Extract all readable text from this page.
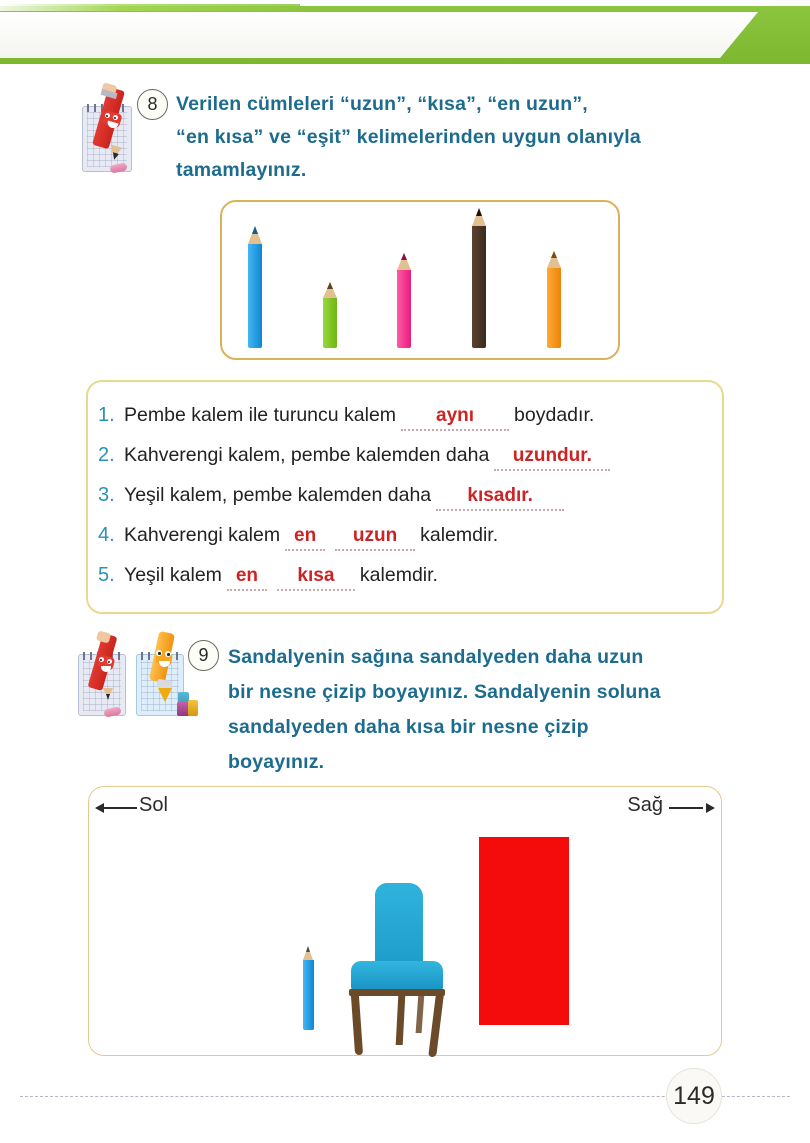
8 Verilen cümleleri “uzun”, “kısa”, “en uzun”,
“en kısa” ve “eşit” kelimelerinden uygun olanıyla
tamamlayınız.
1. Pembe kalem ile turuncu kalem	aynı	boydadır.
2. Kahverengi kalem, pembe kalemden daha	uzundur.
3. Yeşil kalem, pembe kalemden daha	kısadır.
4. Kahverengi kalem en	uzun	kalemdir.
5. Yeşil kalem en	kısa	kalemdir.
9	Sandalyenin sağına sandalyeden daha uzun
bir nesne çizip boyayınız. Sandalyenin soluna
sandalyeden daha kısa bir nesne çizip
boyayınız.
Sol	Sağ
149
